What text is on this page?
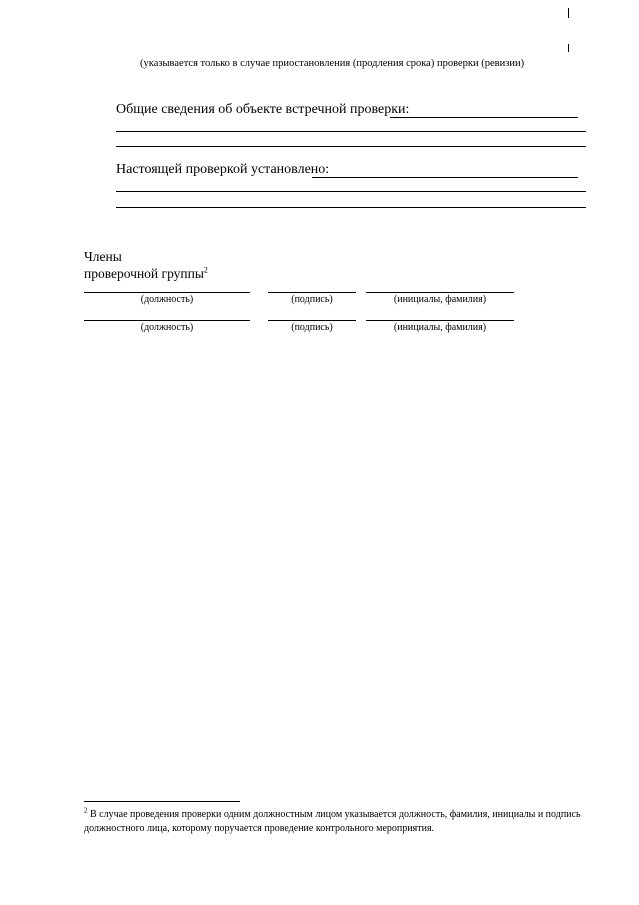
(указывается только в случае приостановления (продления срока) проверки (ревизии)
Общие сведения об объекте встречной проверки:
Настоящей проверкой установлено:
Члены
проверочной группы$^2$
(должность)	(подпись)	(инициалы, фамилия)
(должность)	(подпись)	(инициалы, фамилия)
$^2$ В случае проведения проверки одним должностным лицом указывается должность, фамилия, инициалы и подпись должностного лица, которому поручается проведение контрольного мероприятия.
